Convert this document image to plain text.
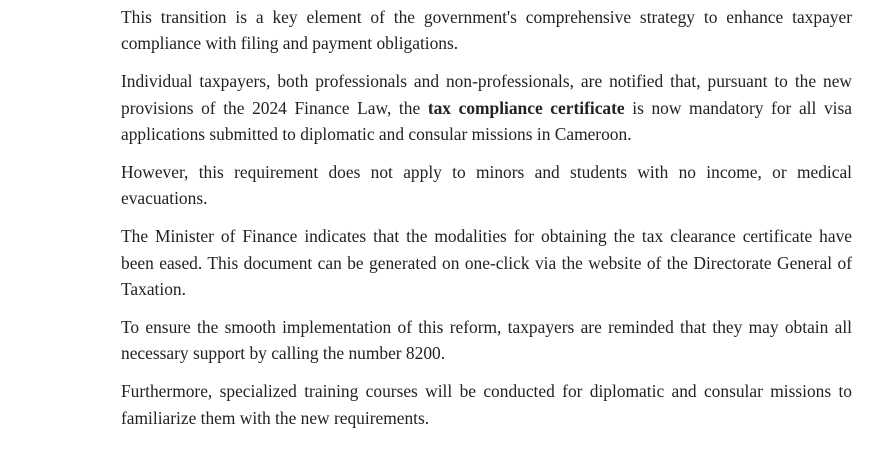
This transition is a key element of the government's comprehensive strategy to enhance taxpayer compliance with filing and payment obligations.

Individual taxpayers, both professionals and non-professionals, are notified that, pursuant to the new provisions of the 2024 Finance Law, the tax compliance certificate is now mandatory for all visa applications submitted to diplomatic and consular missions in Cameroon.

However, this requirement does not apply to minors and students with no income, or medical evacuations.

The Minister of Finance indicates that the modalities for obtaining the tax clearance certificate have been eased. This document can be generated on one-click via the website of the Directorate General of Taxation.

To ensure the smooth implementation of this reform, taxpayers are reminded that they may obtain all necessary support by calling the number 8200.

Furthermore, specialized training courses will be conducted for diplomatic and consular missions to familiarize them with the new requirements.
